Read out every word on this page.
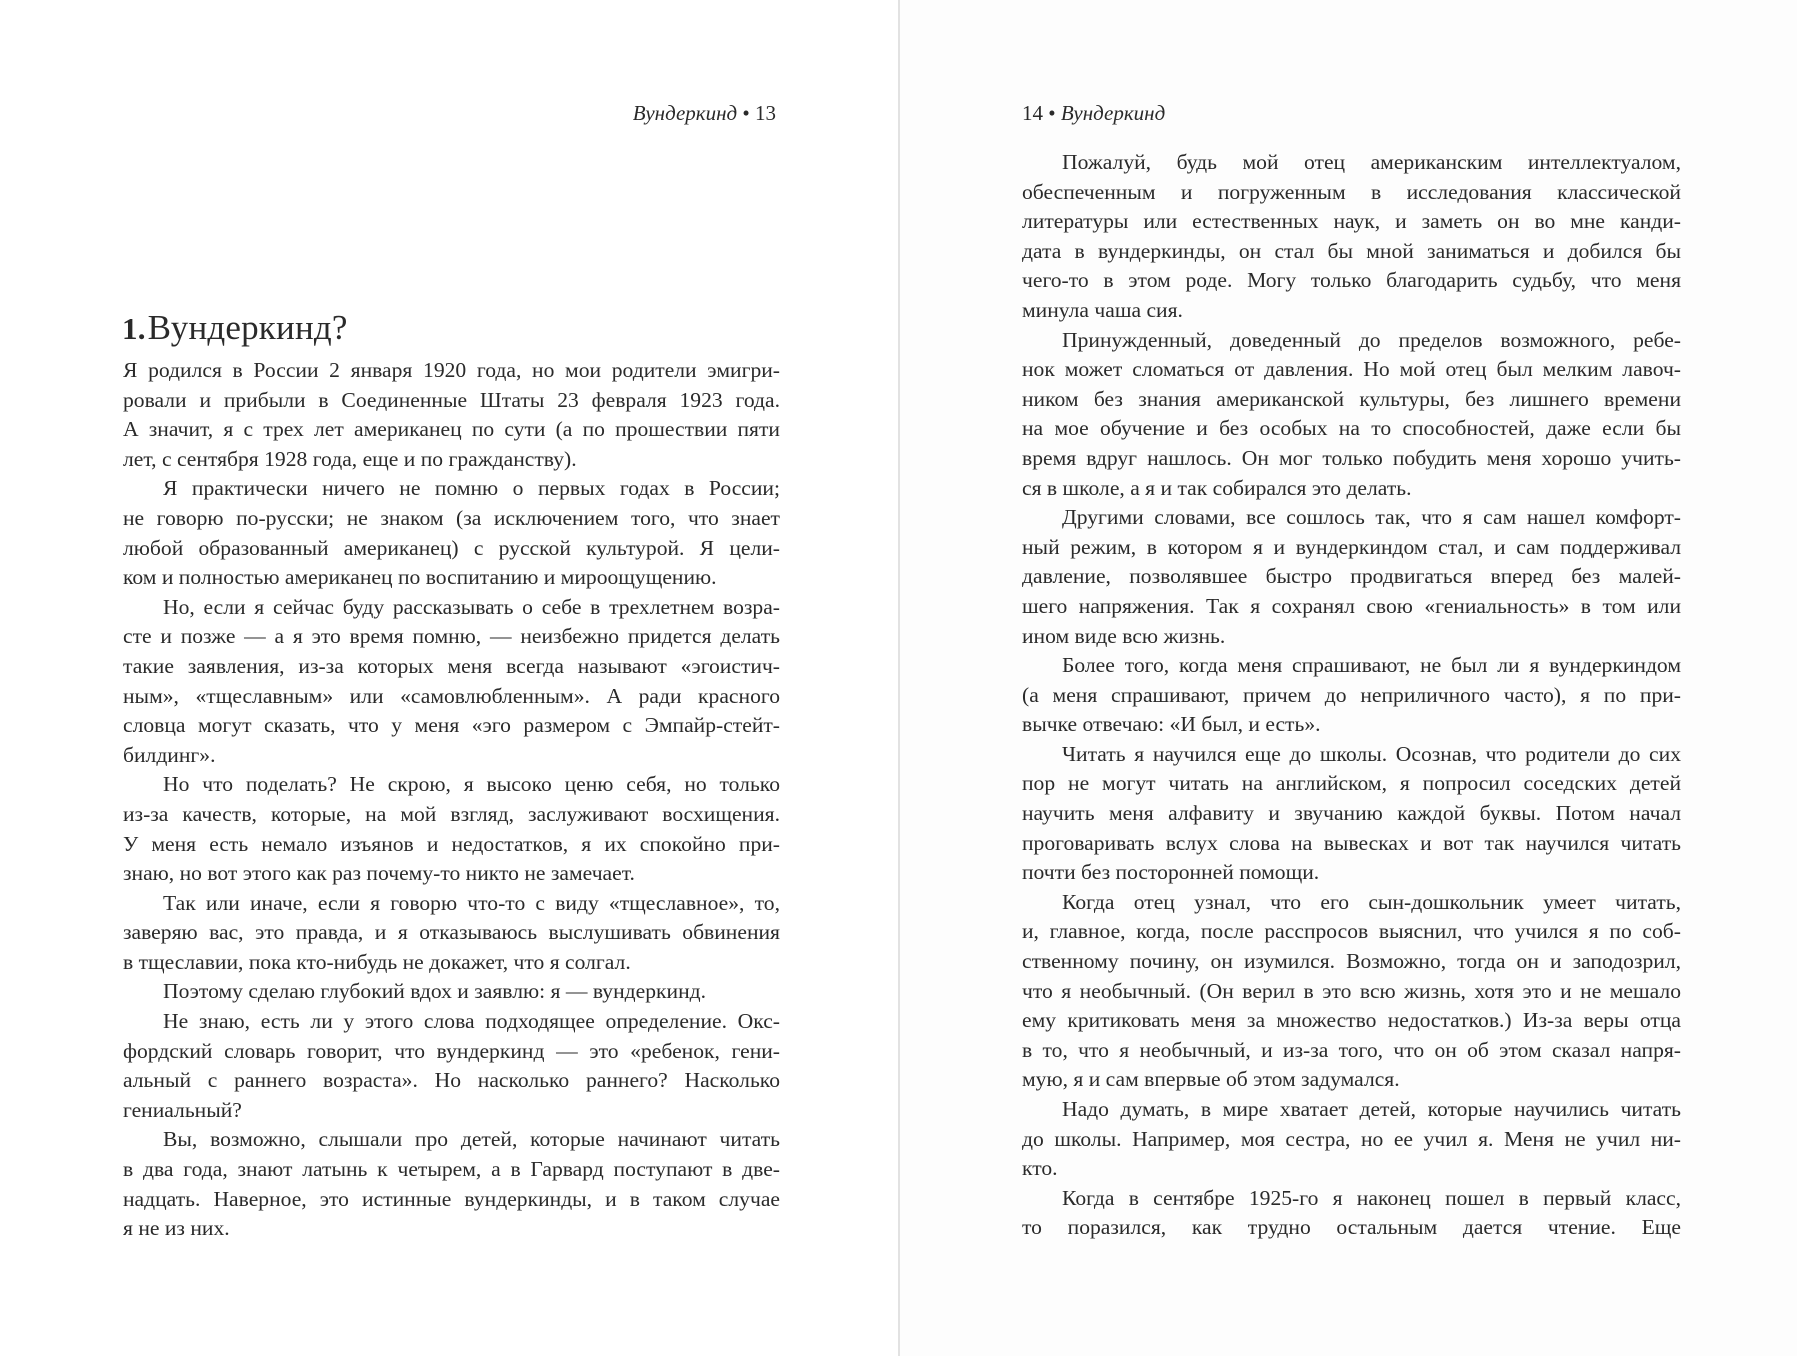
Вундеркинд • 13
1.Вундеркинд?
Я родился в России 2 января 1920 года, но мои родители эмигри-
ровали и прибыли в Соединенные Штаты 23 февраля 1923 года.
А значит, я с трех лет американец по сути (а по прошествии пяти
лет, с сентября 1928 года, еще и по гражданству).
Я практически ничего не помню о первых годах в России;
не говорю по-русски; не знаком (за исключением того, что знает
любой образованный американец) с русской культурой. Я цели-
ком и полностью американец по воспитанию и мироощущению.
Но, если я сейчас буду рассказывать о себе в трехлетнем возра-
сте и позже — а я это время помню, — неизбежно придется делать
такие заявления, из-за которых меня всегда называют «эгоистич-
ным», «тщеславным» или «самовлюбленным». А ради красного
словца могут сказать, что у меня «эго размером с Эмпайр-стейт-
билдинг».
Но что поделать? Не скрою, я высоко ценю себя, но только
из-за качеств, которые, на мой взгляд, заслуживают восхищения.
У меня есть немало изъянов и недостатков, я их спокойно при-
знаю, но вот этого как раз почему-то никто не замечает.
Так или иначе, если я говорю что-то с виду «тщеславное», то,
заверяю вас, это правда, и я отказываюсь выслушивать обвинения
в тщеславии, пока кто-нибудь не докажет, что я солгал.
Поэтому сделаю глубокий вдох и заявлю: я — вундеркинд.
Не знаю, есть ли у этого слова подходящее определение. Окс-
фордский словарь говорит, что вундеркинд — это «ребенок, гени-
альный с раннего возраста». Но насколько раннего? Насколько
гениальный?
Вы, возможно, слышали про детей, которые начинают читать
в два года, знают латынь к четырем, а в Гарвард поступают в две-
надцать. Наверное, это истинные вундеркинды, и в таком случае
я не из них.
14 • Вундеркинд
Пожалуй, будь мой отец американским интеллектуалом,
обеспеченным и погруженным в исследования классической
литературы или естественных наук, и заметь он во мне канди-
дата в вундеркинды, он стал бы мной заниматься и добился бы
чего-то в этом роде. Могу только благодарить судьбу, что меня
минула чаша сия.
Принужденный, доведенный до пределов возможного, ребе-
нок может сломаться от давления. Но мой отец был мелким лавоч-
ником без знания американской культуры, без лишнего времени
на мое обучение и без особых на то способностей, даже если бы
время вдруг нашлось. Он мог только побудить меня хорошо учить-
ся в школе, а я и так собирался это делать.
Другими словами, все сошлось так, что я сам нашел комфорт-
ный режим, в котором я и вундеркиндом стал, и сам поддерживал
давление, позволявшее быстро продвигаться вперед без малей-
шего напряжения. Так я сохранял свою «гениальность» в том или
ином виде всю жизнь.
Более того, когда меня спрашивают, не был ли я вундеркиндом
(а меня спрашивают, причем до неприличного часто), я по при-
вычке отвечаю: «И был, и есть».
Читать я научился еще до школы. Осознав, что родители до сих
пор не могут читать на английском, я попросил соседских детей
научить меня алфавиту и звучанию каждой буквы. Потом начал
проговаривать вслух слова на вывесках и вот так научился читать
почти без посторонней помощи.
Когда отец узнал, что его сын-дошкольник умеет читать,
и, главное, когда, после расспросов выяснил, что учился я по соб-
ственному почину, он изумился. Возможно, тогда он и заподозрил,
что я необычный. (Он верил в это всю жизнь, хотя это и не мешало
ему критиковать меня за множество недостатков.) Из-за веры отца
в то, что я необычный, и из-за того, что он об этом сказал напря-
мую, я и сам впервые об этом задумался.
Надо думать, в мире хватает детей, которые научились читать
до школы. Например, моя сестра, но ее учил я. Меня не учил ни-
кто.
Когда в сентябре 1925-го я наконец пошел в первый класс,
то поразился, как трудно остальным дается чтение. Еще
